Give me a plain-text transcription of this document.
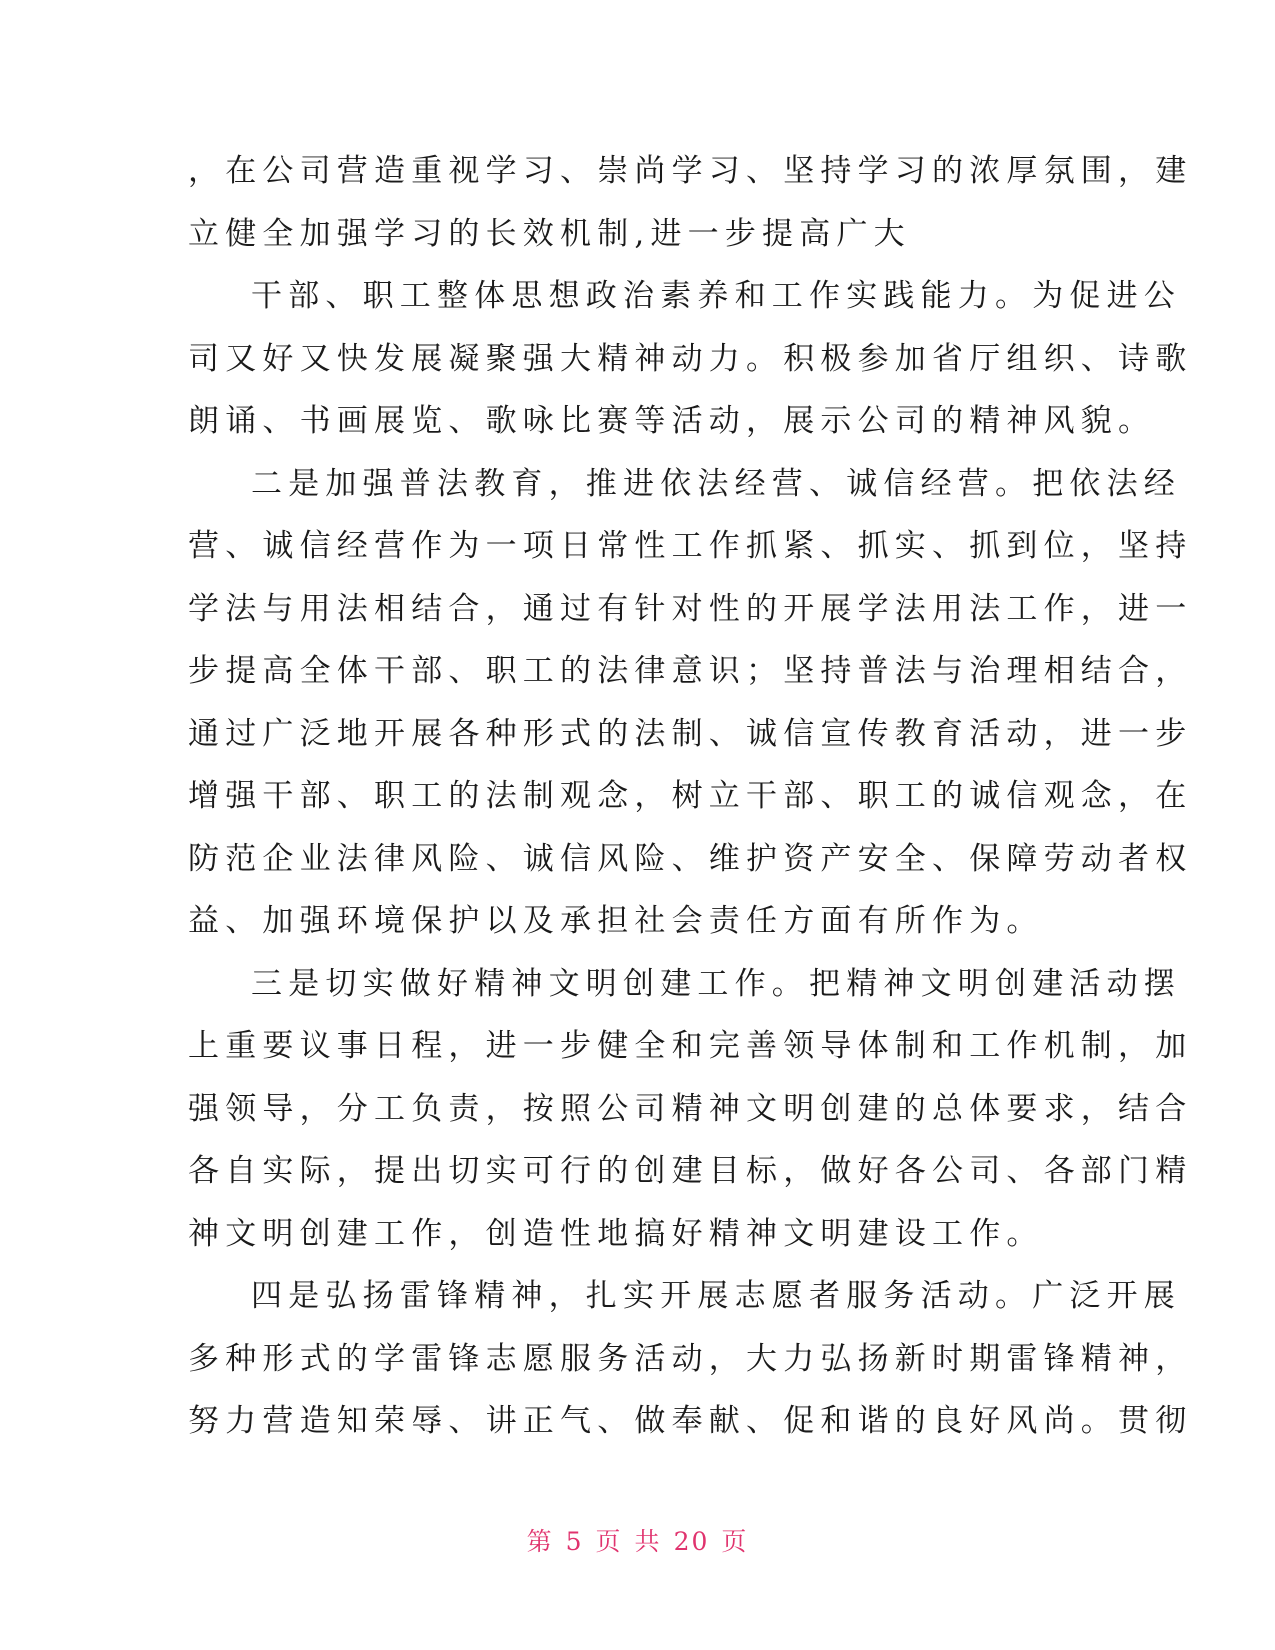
，在公司营造重视学习、崇尚学习、坚持学习的浓厚氛围，建
立健全加强学习的长效机制,进一步提高广大
干部、职工整体思想政治素养和工作实践能力。为促进公
司又好又快发展凝聚强大精神动力。积极参加省厅组织、诗歌
朗诵、书画展览、歌咏比赛等活动，展示公司的精神风貌。
二是加强普法教育，推进依法经营、诚信经营。把依法经
营、诚信经营作为一项日常性工作抓紧、抓实、抓到位，坚持
学法与用法相结合，通过有针对性的开展学法用法工作，进一
步提高全体干部、职工的法律意识；坚持普法与治理相结合，
通过广泛地开展各种形式的法制、诚信宣传教育活动，进一步
增强干部、职工的法制观念，树立干部、职工的诚信观念，在
防范企业法律风险、诚信风险、维护资产安全、保障劳动者权
益、加强环境保护以及承担社会责任方面有所作为。
三是切实做好精神文明创建工作。把精神文明创建活动摆
上重要议事日程，进一步健全和完善领导体制和工作机制，加
强领导，分工负责，按照公司精神文明创建的总体要求，结合
各自实际，提出切实可行的创建目标，做好各公司、各部门精
神文明创建工作，创造性地搞好精神文明建设工作。
四是弘扬雷锋精神，扎实开展志愿者服务活动。广泛开展
多种形式的学雷锋志愿服务活动，大力弘扬新时期雷锋精神，
努力营造知荣辱、讲正气、做奉献、促和谐的良好风尚。贯彻
第 5 页 共 20 页
